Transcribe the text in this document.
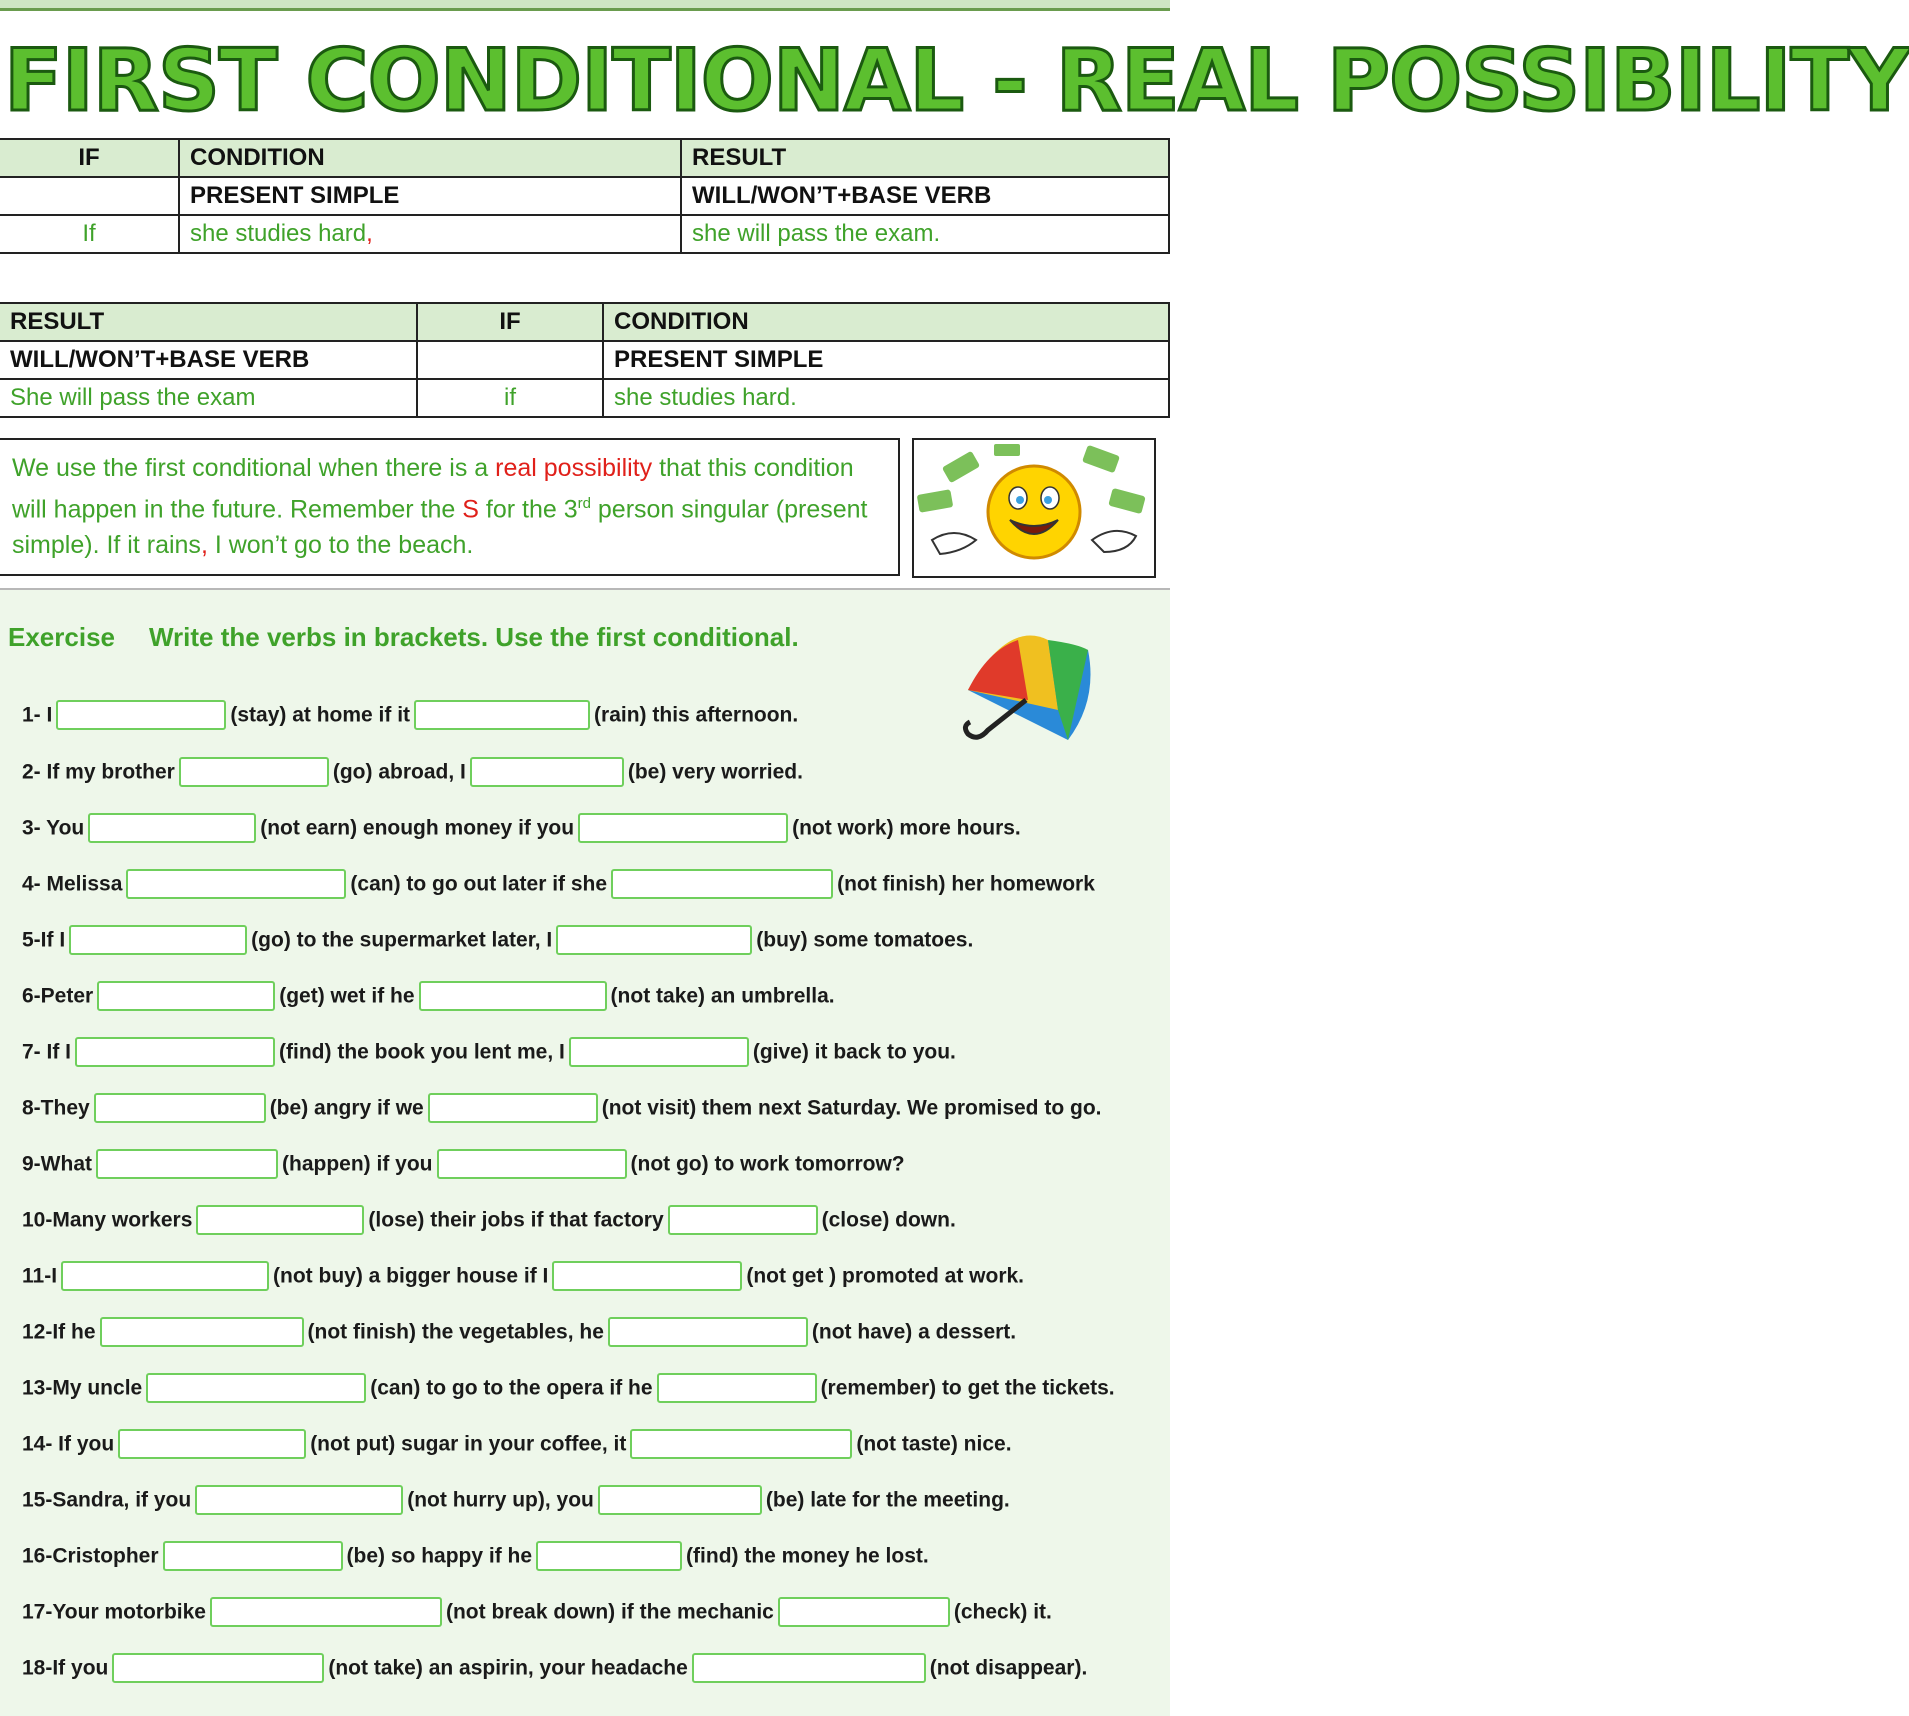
FIRST CONDITIONAL - REAL POSSIBILITY
IF	CONDITION	RESULT
	PRESENT SIMPLE	WILL/WON’T+BASE VERB
If	she studies hard,	she will pass the exam.
RESULT	IF	CONDITION
WILL/WON’T+BASE VERB		PRESENT SIMPLE
She will pass the exam	if	she studies hard.
We use the first conditional when there is a real possibility that this condition will happen in the future. Remember the S for the 3rd person singular (present simple). If it rains, I won’t go to the beach.
Exercise Write the verbs in brackets. Use the first conditional.
1- I	(stay) at home if it	(rain) this afternoon.
2- If my brother	(go) abroad, I	(be) very worried.
3- You	(not earn) enough money if you	(not work) more hours.
4- Melissa	(can) to go out later if she	(not finish) her homework
5-If I	(go) to the supermarket later, I	(buy) some tomatoes.
6-Peter	(get) wet if he	(not take) an umbrella.
7- If I	(find) the book you lent me, I	(give) it back to you.
8-They	(be) angry if we	(not visit) them next Saturday. We promised to go.
9-What	(happen) if you	(not go) to work tomorrow?
10-Many workers	(lose) their jobs if that factory	(close) down.
11-I	(not buy) a bigger house if I	(not get ) promoted at work.
12-If he	(not finish) the vegetables, he	(not have) a dessert.
13-My uncle	(can) to go to the opera if he	(remember) to get the tickets.
14- If you	(not put) sugar in your coffee, it	(not taste) nice.
15-Sandra, if you	(not hurry up), you	(be) late for the meeting.
16-Cristopher	(be) so happy if he	(find) the money he lost.
17-Your motorbike	(not break down) if the mechanic	(check) it.
18-If you	(not take) an aspirin, your headache	(not disappear).
